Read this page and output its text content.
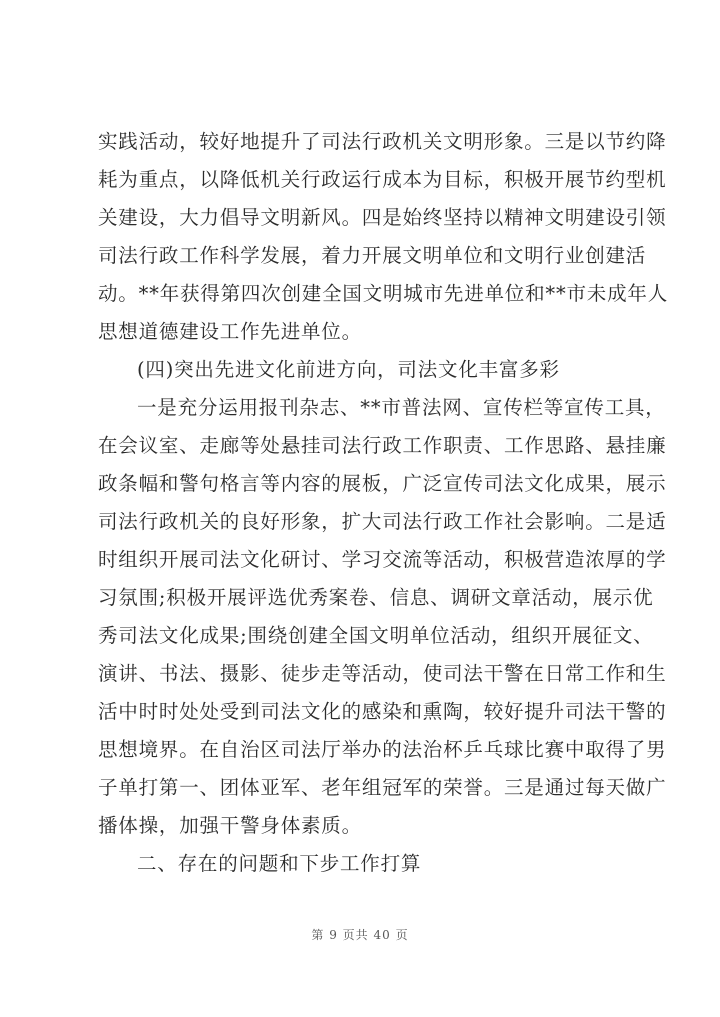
实践活动，较好地提升了司法行政机关文明形象。三是以节约降
耗为重点，以降低机关行政运行成本为目标，积极开展节约型机
关建设，大力倡导文明新风。四是始终坚持以精神文明建设引领
司法行政工作科学发展，着力开展文明单位和文明行业创建活
动。**年获得第四次创建全国文明城市先进单位和**市未成年人
思想道德建设工作先进单位。
(四)突出先进文化前进方向，司法文化丰富多彩
一是充分运用报刊杂志、**市普法网、宣传栏等宣传工具，
在会议室、走廊等处悬挂司法行政工作职责、工作思路、悬挂廉
政条幅和警句格言等内容的展板，广泛宣传司法文化成果，展示
司法行政机关的良好形象，扩大司法行政工作社会影响。二是适
时组织开展司法文化研讨、学习交流等活动，积极营造浓厚的学
习氛围;积极开展评选优秀案卷、信息、调研文章活动，展示优
秀司法文化成果;围绕创建全国文明单位活动，组织开展征文、
演讲、书法、摄影、徒步走等活动，使司法干警在日常工作和生
活中时时处处受到司法文化的感染和熏陶，较好提升司法干警的
思想境界。在自治区司法厅举办的法治杯乒乓球比赛中取得了男
子单打第一、团体亚军、老年组冠军的荣誉。三是通过每天做广
播体操，加强干警身体素质。
二、存在的问题和下步工作打算
第 9 页共 40 页
